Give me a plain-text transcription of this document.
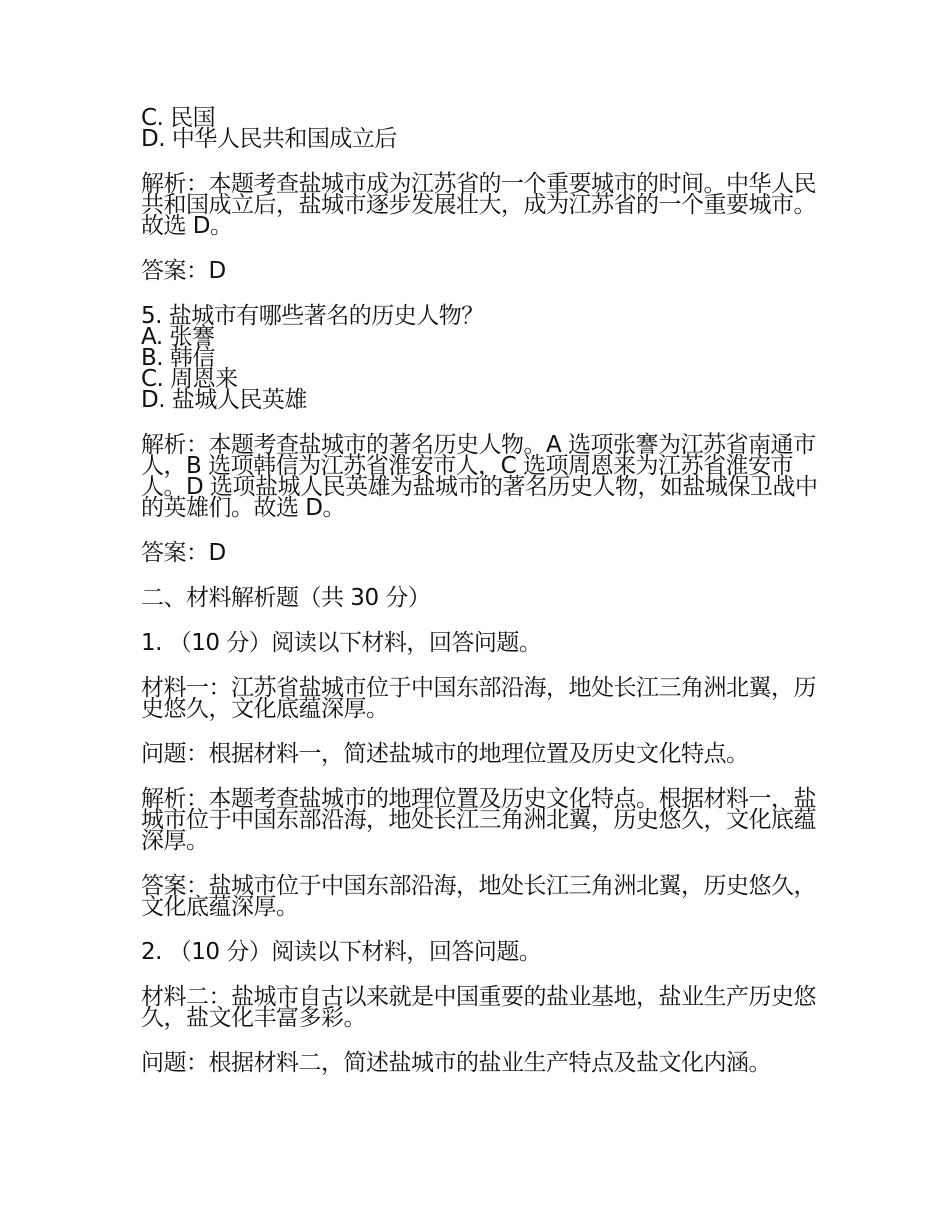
C. 民国
D. 中华人民共和国成立后
解析：本题考查盐城市成为江苏省的一个重要城市的时间。中华人民共和国成立后，盐城市逐步发展壮大，成为江苏省的一个重要城市。故选 D。
答案：D
5. 盐城市有哪些著名的历史人物？
A. 张謇
B. 韩信
C. 周恩来
D. 盐城人民英雄
解析：本题考查盐城市的著名历史人物。A 选项张謇为江苏省南通市人，B 选项韩信为江苏省淮安市人，C 选项周恩来为江苏省淮安市人。D 选项盐城人民英雄为盐城市的著名历史人物，如盐城保卫战中的英雄们。故选 D。
答案：D
二、材料解析题（共 30 分）
1. （10 分）阅读以下材料，回答问题。
材料一：江苏省盐城市位于中国东部沿海，地处长江三角洲北翼，历史悠久，文化底蕴深厚。
问题：根据材料一，简述盐城市的地理位置及历史文化特点。
解析：本题考查盐城市的地理位置及历史文化特点。根据材料一，盐城市位于中国东部沿海，地处长江三角洲北翼，历史悠久，文化底蕴深厚。
答案：盐城市位于中国东部沿海，地处长江三角洲北翼，历史悠久，文化底蕴深厚。
2. （10 分）阅读以下材料，回答问题。
材料二：盐城市自古以来就是中国重要的盐业基地，盐业生产历史悠久，盐文化丰富多彩。
问题：根据材料二，简述盐城市的盐业生产特点及盐文化内涵。
